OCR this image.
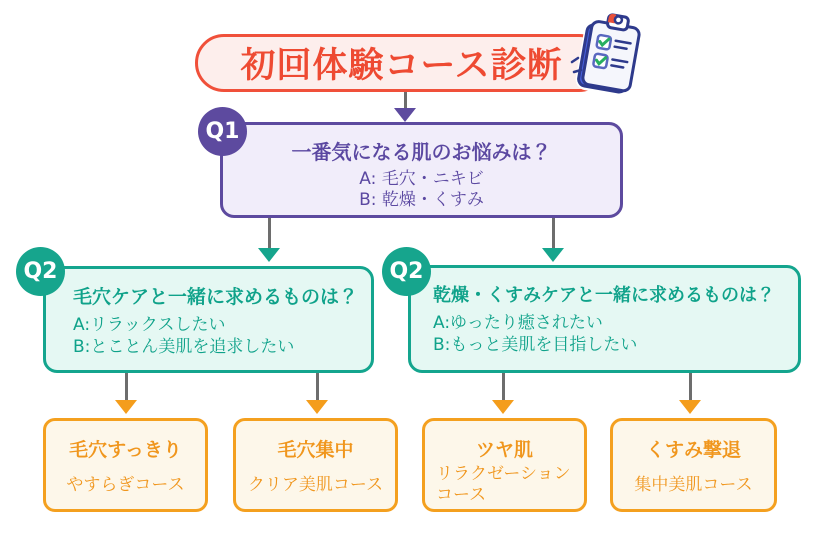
初回体験コース診断
一番気になる肌のお悩みは？
A: 毛穴・ニキビ
B: 乾燥・くすみ
Q1
毛穴ケアと一緒に求めるものは？
A:リラックスしたい
B:とことん美肌を追求したい
Q2
乾燥・くすみケアと一緒に求めるものは？
A:ゆったり癒されたい
B:もっと美肌を目指したい
Q2
毛穴すっきり
やすらぎコース
毛穴集中
クリア美肌コース
ツヤ肌
リラクゼーションコース
くすみ撃退
集中美肌コース
